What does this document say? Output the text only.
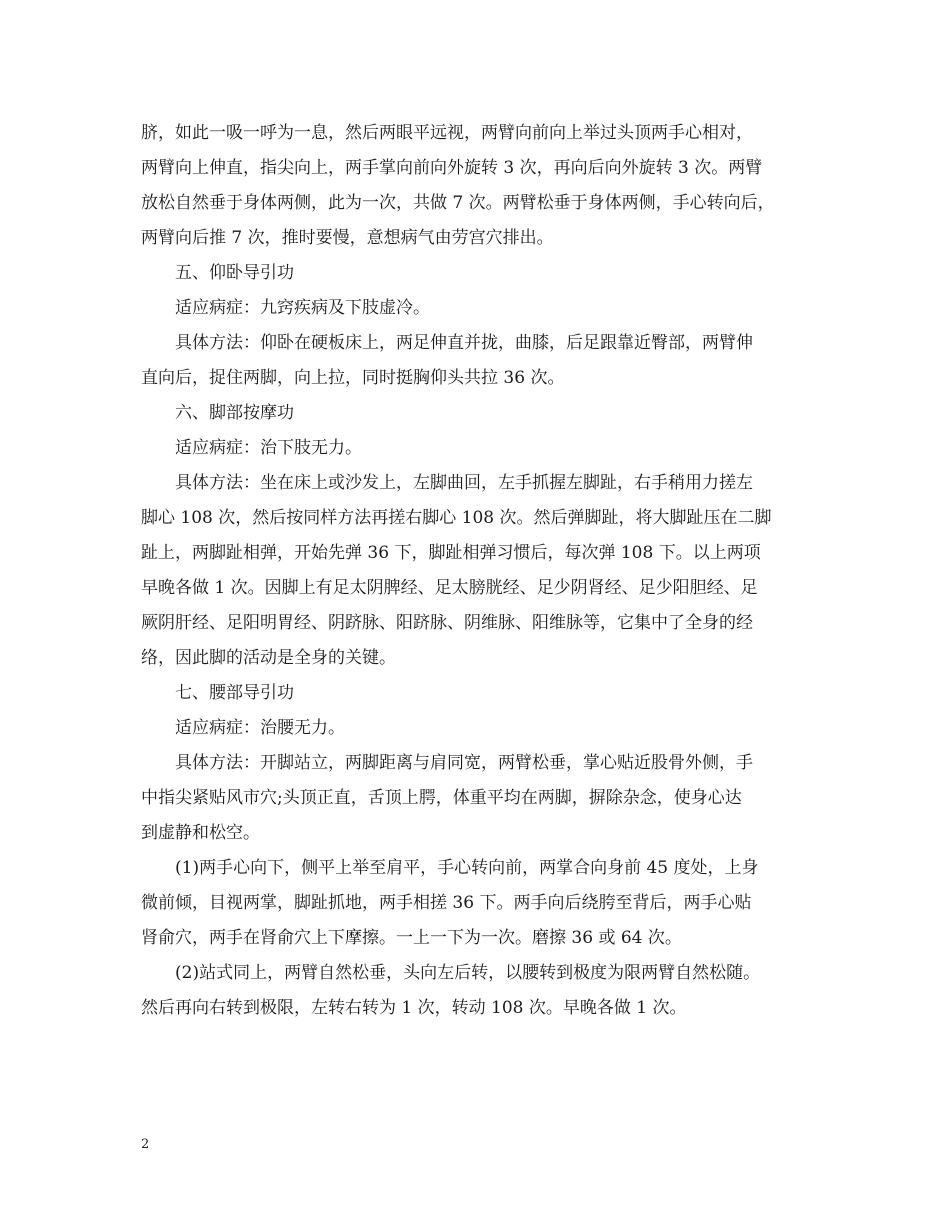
脐，如此一吸一呼为一息，然后两眼平远视，两臂向前向上举过头顶两手心相对，
两臂向上伸直，指尖向上，两手掌向前向外旋转 3 次，再向后向外旋转 3 次。两臂
放松自然垂于身体两侧，此为一次，共做 7 次。两臂松垂于身体两侧，手心转向后，
两臂向后推 7 次，推时要慢，意想病气由劳宫穴排出。
五、仰卧导引功
适应病症：九窍疾病及下肢虚冷。
具体方法：仰卧在硬板床上，两足伸直并拢，曲膝，后足跟靠近臀部，两臂伸
直向后，捉住两脚，向上拉，同时挺胸仰头共拉 36 次。
六、脚部按摩功
适应病症：治下肢无力。
具体方法：坐在床上或沙发上，左脚曲回，左手抓握左脚趾，右手稍用力搓左
脚心 108 次，然后按同样方法再搓右脚心 108 次。然后弹脚趾，将大脚趾压在二脚
趾上，两脚趾相弹，开始先弹 36 下，脚趾相弹习惯后，每次弹 108 下。以上两项
早晚各做 1 次。因脚上有足太阴脾经、足太膀胱经、足少阴肾经、足少阳胆经、足
厥阴肝经、足阳明胃经、阴跻脉、阳跻脉、阴维脉、阳维脉等，它集中了全身的经
络，因此脚的活动是全身的关键。
七、腰部导引功
适应病症：治腰无力。
具体方法：开脚站立，两脚距离与肩同宽，两臂松垂，掌心贴近股骨外侧，手
中指尖紧贴风市穴;头顶正直，舌顶上腭，体重平均在两脚，摒除杂念，使身心达
到虚静和松空。
(1)两手心向下，侧平上举至肩平，手心转向前，两掌合向身前 45 度处，上身
微前倾，目视两掌，脚趾抓地，两手相搓 36 下。两手向后绕胯至背后，两手心贴
肾俞穴，两手在肾俞穴上下摩擦。一上一下为一次。磨擦 36 或 64 次。
(2)站式同上，两臂自然松垂，头向左后转，以腰转到极度为限两臂自然松随。
然后再向右转到极限，左转右转为 1 次，转动 108 次。早晚各做 1 次。
2
